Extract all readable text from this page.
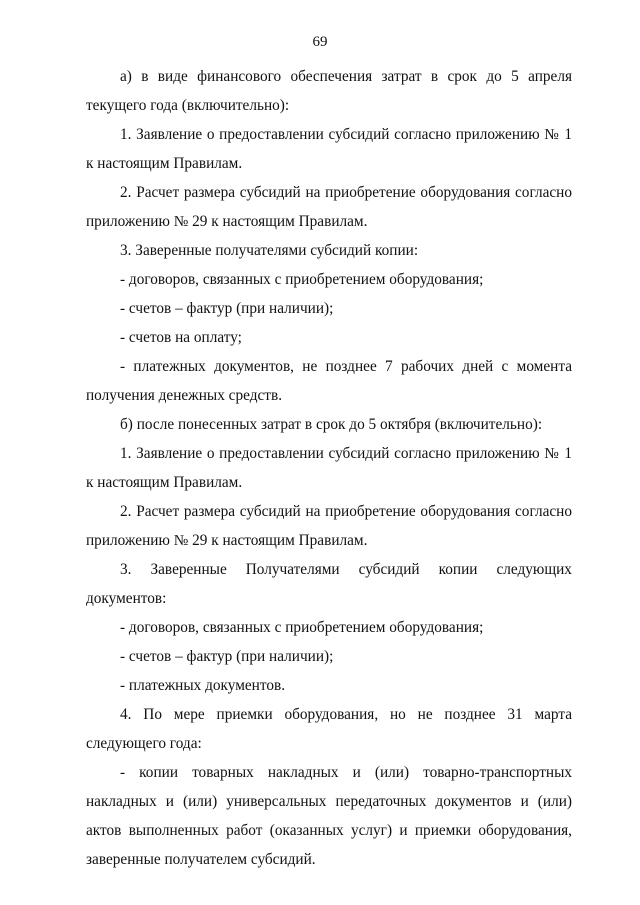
69

а) в виде финансового обеспечения затрат в срок до 5 апреля текущего года (включительно):

1. Заявление о предоставлении субсидий согласно приложению № 1 к настоящим Правилам.

2. Расчет размера субсидий на приобретение оборудования согласно приложению № 29 к настоящим Правилам.

3. Заверенные получателями субсидий копии:

- договоров, связанных с приобретением оборудования;

- счетов – фактур (при наличии);

- счетов на оплату;

- платежных документов, не позднее 7 рабочих дней с момента получения денежных средств.

б) после понесенных затрат в срок до 5 октября (включительно):

1. Заявление о предоставлении субсидий согласно приложению № 1 к настоящим Правилам.

2. Расчет размера субсидий на приобретение оборудования согласно приложению № 29 к настоящим Правилам.

3. Заверенные Получателями субсидий копии следующих

документов:

- договоров, связанных с приобретением оборудования;

- счетов – фактур (при наличии);

- платежных документов.

4. По мере приемки оборудования, но не позднее 31 марта следующего года:

- копии товарных накладных и (или) товарно-транспортных накладных и (или) универсальных передаточных документов и (или) актов выполненных работ (оказанных услуг) и приемки оборудования, заверенные получателем субсидий.
